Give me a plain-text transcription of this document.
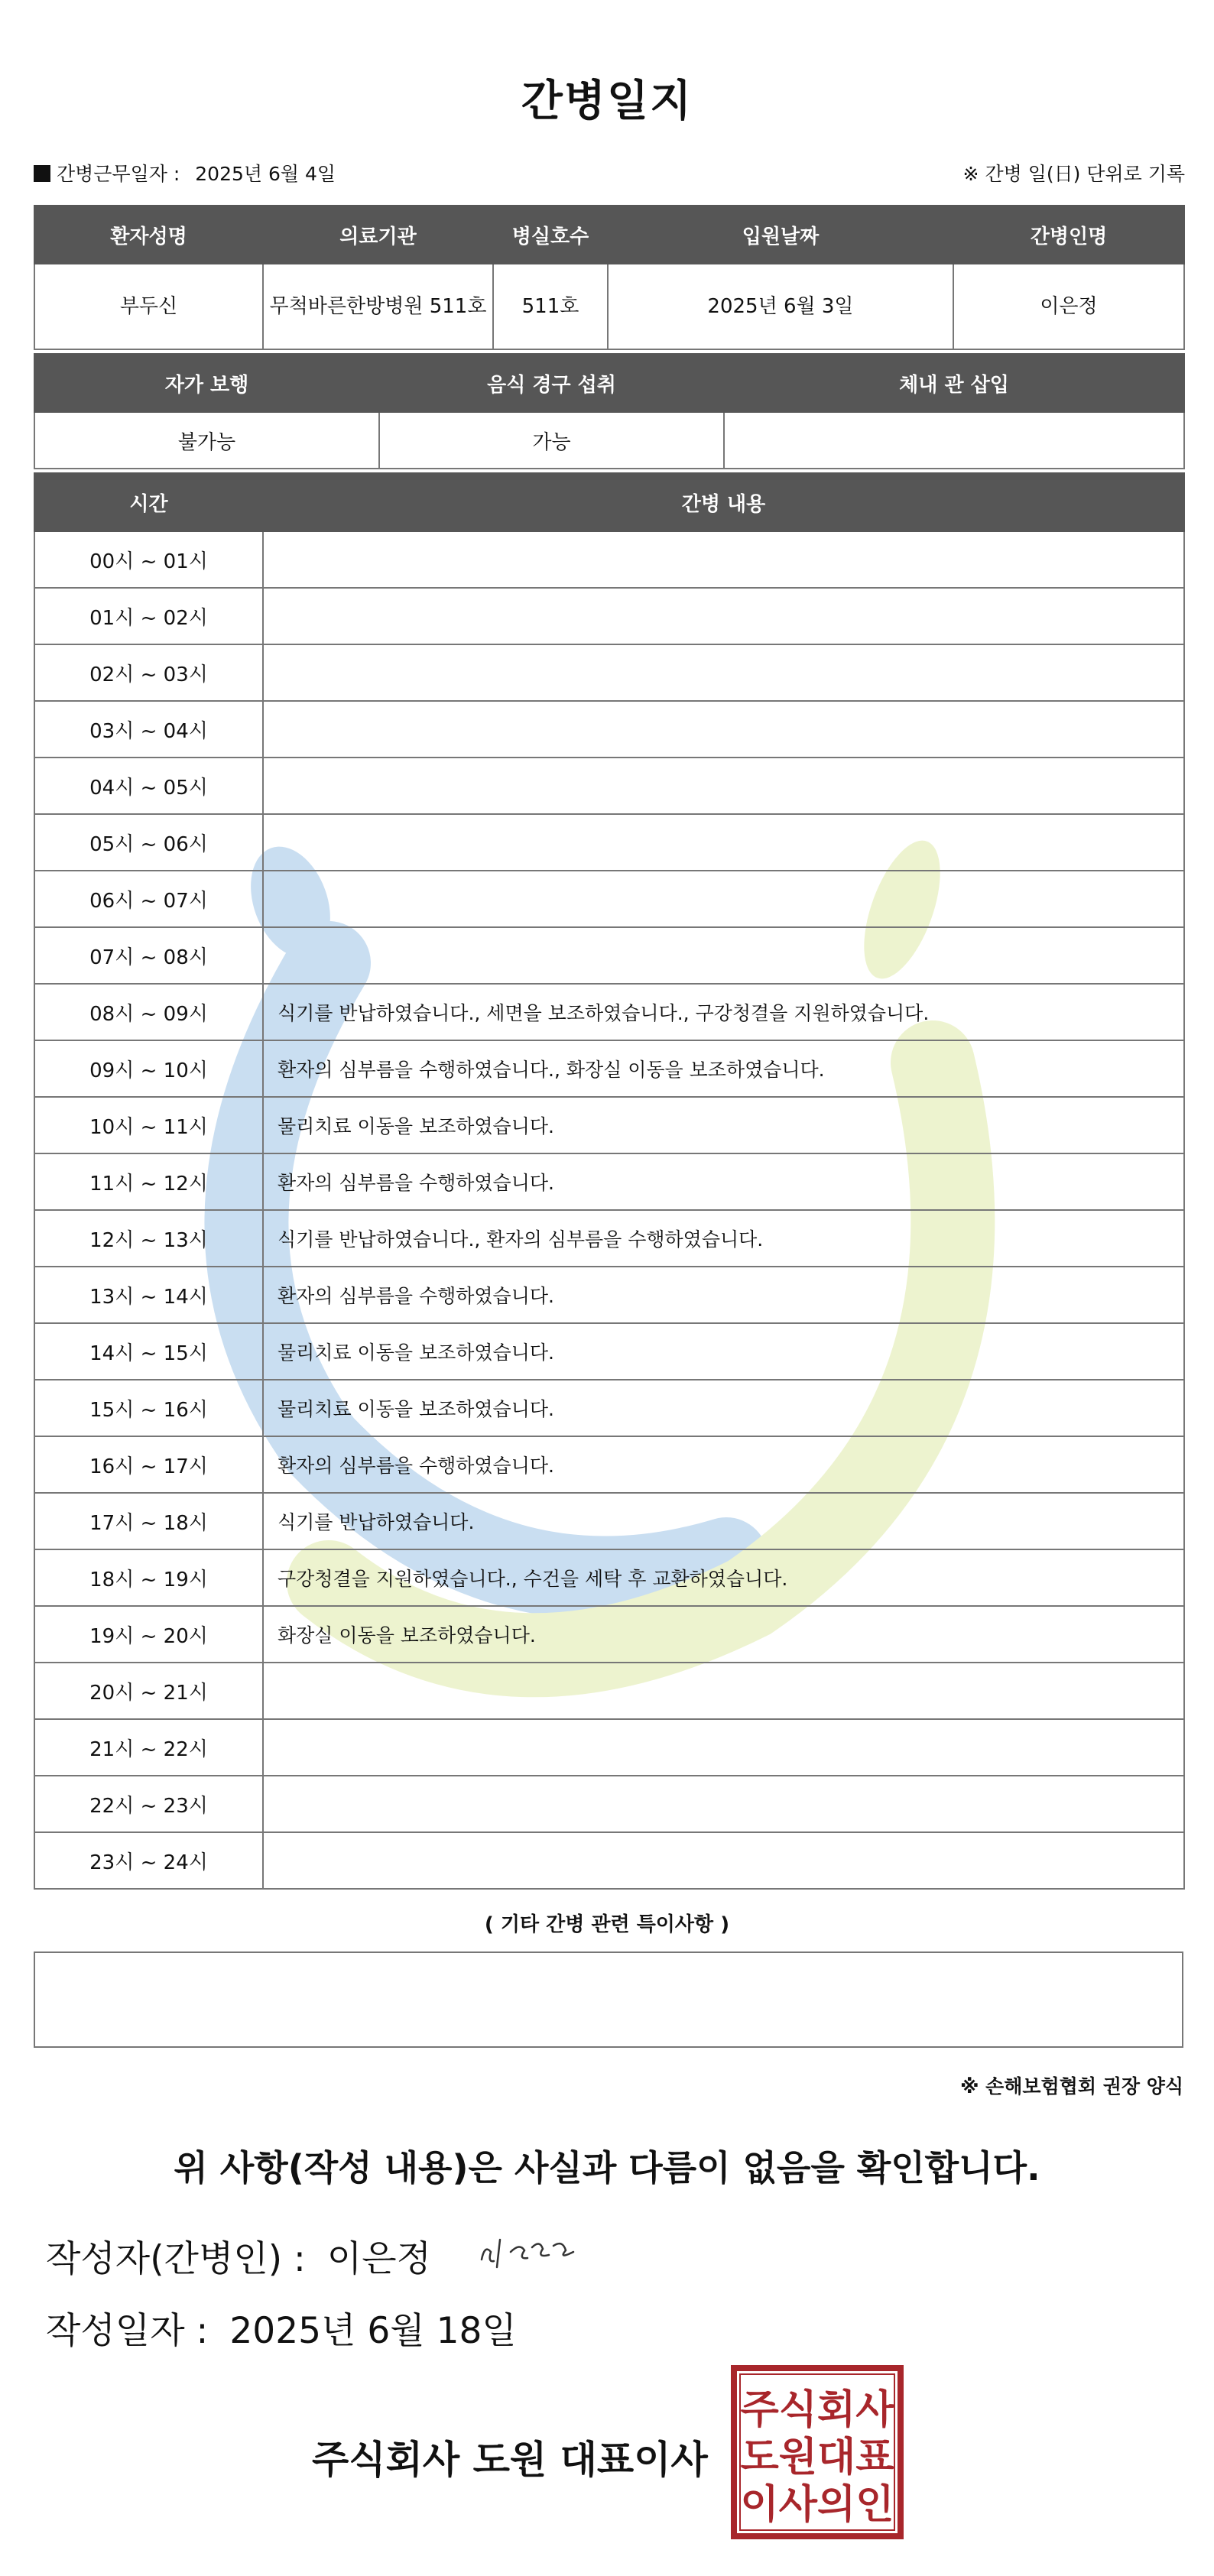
간병일지
간병근무일자 : 2025년 6월 4일	※ 간병 일(日) 단위로 기록
환자성명	의료기관	병실호수	입원날짜	간병인명
부두신	무척바른한방병원 511호	511호	2025년 6월 3일	이은정
자가 보행	음식 경구 섭취	체내 관 삽입
불가능	가능	
시간	간병 내용
00시 ~ 01시	
01시 ~ 02시	
02시 ~ 03시	
03시 ~ 04시	
04시 ~ 05시	
05시 ~ 06시	
06시 ~ 07시	
07시 ~ 08시	
08시 ~ 09시	식기를 반납하였습니다., 세면을 보조하였습니다., 구강청결을 지원하였습니다.
09시 ~ 10시	환자의 심부름을 수행하였습니다., 화장실 이동을 보조하였습니다.
10시 ~ 11시	물리치료 이동을 보조하였습니다.
11시 ~ 12시	환자의 심부름을 수행하였습니다.
12시 ~ 13시	식기를 반납하였습니다., 환자의 심부름을 수행하였습니다.
13시 ~ 14시	환자의 심부름을 수행하였습니다.
14시 ~ 15시	물리치료 이동을 보조하였습니다.
15시 ~ 16시	물리치료 이동을 보조하였습니다.
16시 ~ 17시	환자의 심부름을 수행하였습니다.
17시 ~ 18시	식기를 반납하였습니다.
18시 ~ 19시	구강청결을 지원하였습니다., 수건을 세탁 후 교환하였습니다.
19시 ~ 20시	화장실 이동을 보조하였습니다.
20시 ~ 21시	
21시 ~ 22시	
22시 ~ 23시	
23시 ~ 24시	
( 기타 간병 관련 특이사항 )
※ 손해보험협회 권장 양식
위 사항(작성 내용)은 사실과 다름이 없음을 확인합니다.
작성자(간병인) : 이은정
작성일자 : 2025년 6월 18일
주식회사 도원 대표이사
주식회사
도원대표
이사의인
